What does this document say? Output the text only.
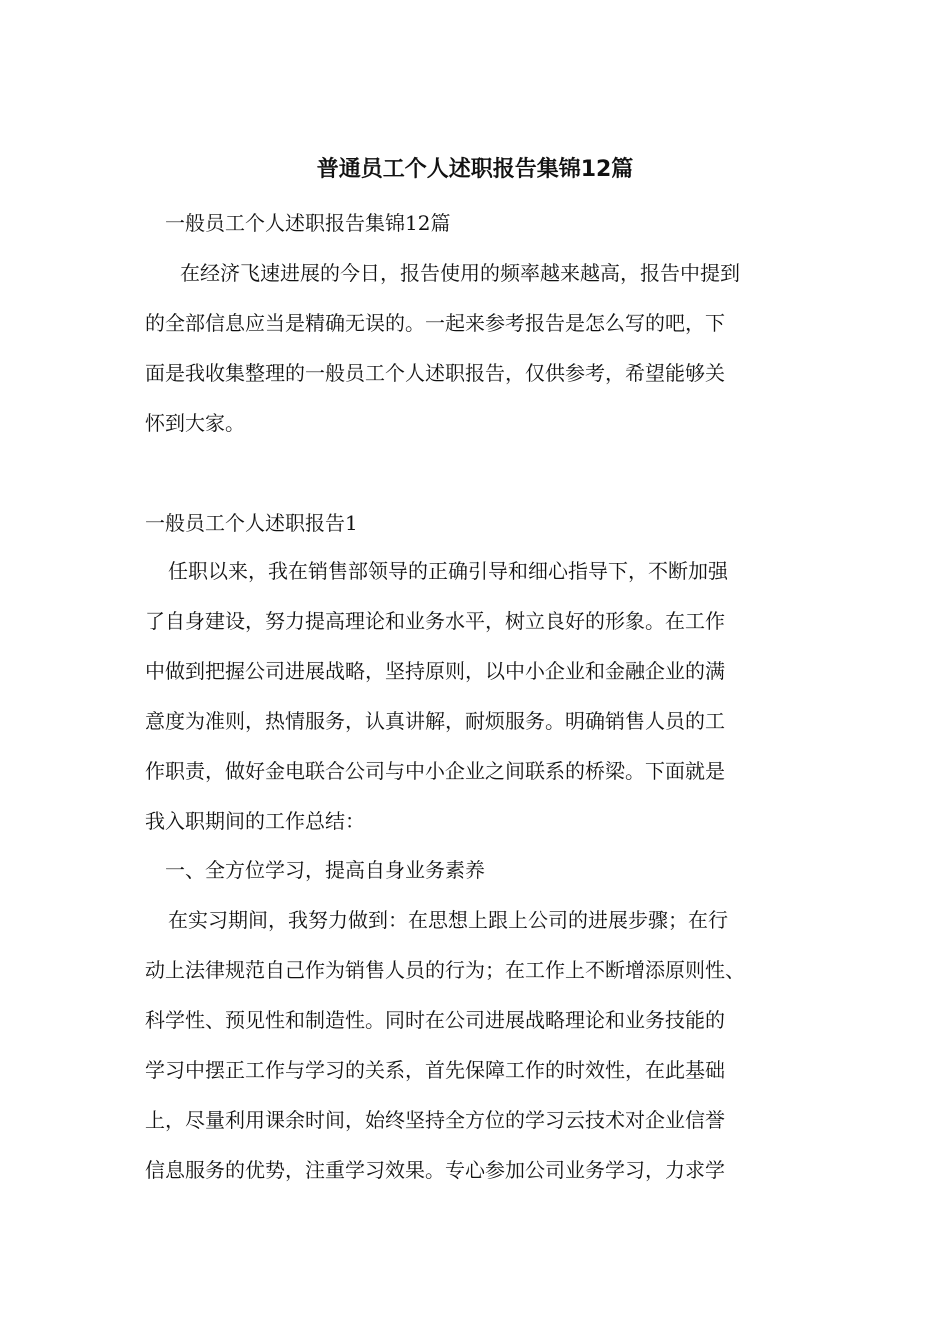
普通员工个人述职报告集锦12篇
一般员工个人述职报告集锦12篇
在经济飞速进展的今日，报告使用的频率越来越高，报告中提到
的全部信息应当是精确无误的。一起来参考报告是怎么写的吧，下
面是我收集整理的一般员工个人述职报告，仅供参考，希望能够关
怀到大家。
一般员工个人述职报告1
任职以来，我在销售部领导的正确引导和细心指导下，不断加强
了自身建设，努力提高理论和业务水平，树立良好的形象。在工作
中做到把握公司进展战略，坚持原则，以中小企业和金融企业的满
意度为准则，热情服务，认真讲解，耐烦服务。明确销售人员的工
作职责，做好金电联合公司与中小企业之间联系的桥梁。下面就是
我入职期间的工作总结：
一、全方位学习，提高自身业务素养
在实习期间，我努力做到：在思想上跟上公司的进展步骤；在行
动上法律规范自己作为销售人员的行为；在工作上不断增添原则性、
科学性、预见性和制造性。同时在公司进展战略理论和业务技能的
学习中摆正工作与学习的关系，首先保障工作的时效性，在此基础
上，尽量利用课余时间，始终坚持全方位的学习云技术对企业信誉
信息服务的优势，注重学习效果。专心参加公司业务学习，力求学
